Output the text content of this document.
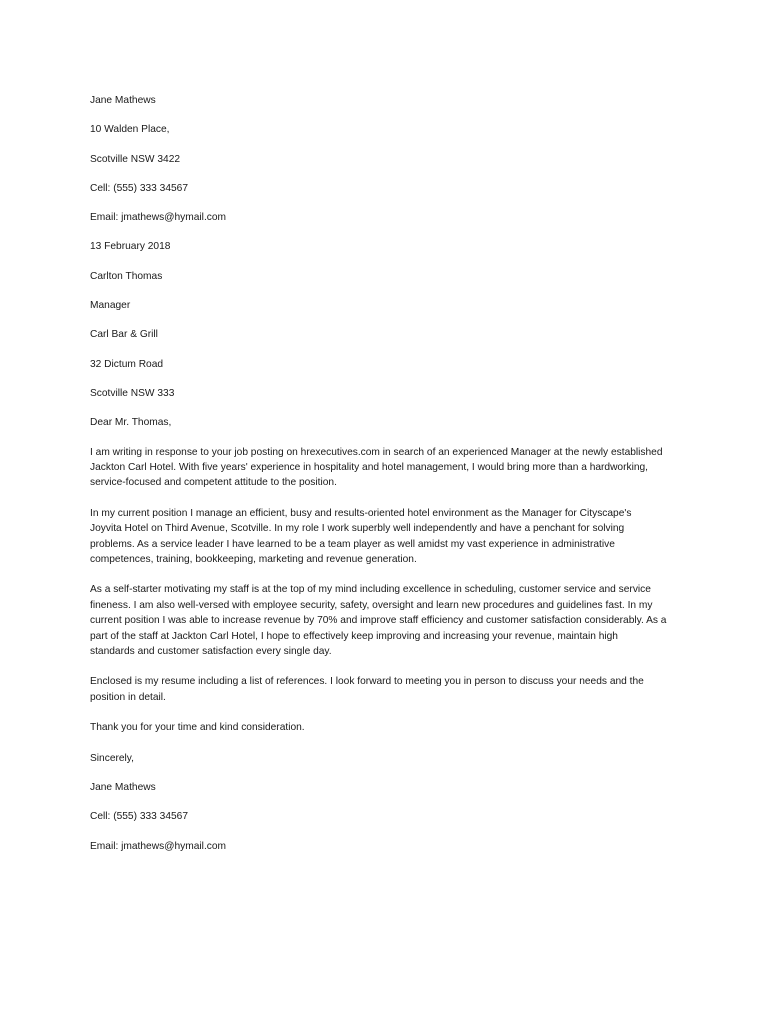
Jane Mathews

10 Walden Place,

Scotville NSW 3422

Cell: (555) 333 34567

Email: jmathews@hymail.com

13 February 2018

Carlton Thomas

Manager

Carl Bar & Grill

32 Dictum Road

Scotville NSW 333

Dear Mr. Thomas,

I am writing in response to your job posting on hrexecutives.com in search of an experienced Manager at the newly established
Jackton Carl Hotel. With five years' experience in hospitality and hotel management, I would bring more than a hardworking,
service-focused and competent attitude to the position.

In my current position I manage an efficient, busy and results-oriented hotel environment as the Manager for Cityscape's
Joyvita Hotel on Third Avenue, Scotville. In my role I work superbly well independently and have a penchant for solving
problems. As a service leader I have learned to be a team player as well amidst my vast experience in administrative
competences, training, bookkeeping, marketing and revenue generation.

As a self-starter motivating my staff is at the top of my mind including excellence in scheduling, customer service and service
fineness. I am also well-versed with employee security, safety, oversight and learn new procedures and guidelines fast. In my
current position I was able to increase revenue by 70% and improve staff efficiency and customer satisfaction considerably. As a
part of the staff at Jackton Carl Hotel, I hope to effectively keep improving and increasing your revenue, maintain high
standards and customer satisfaction every single day.

Enclosed is my resume including a list of references. I look forward to meeting you in person to discuss your needs and the
position in detail.

Thank you for your time and kind consideration.

Sincerely,

Jane Mathews

Cell: (555) 333 34567

Email: jmathews@hymail.com
